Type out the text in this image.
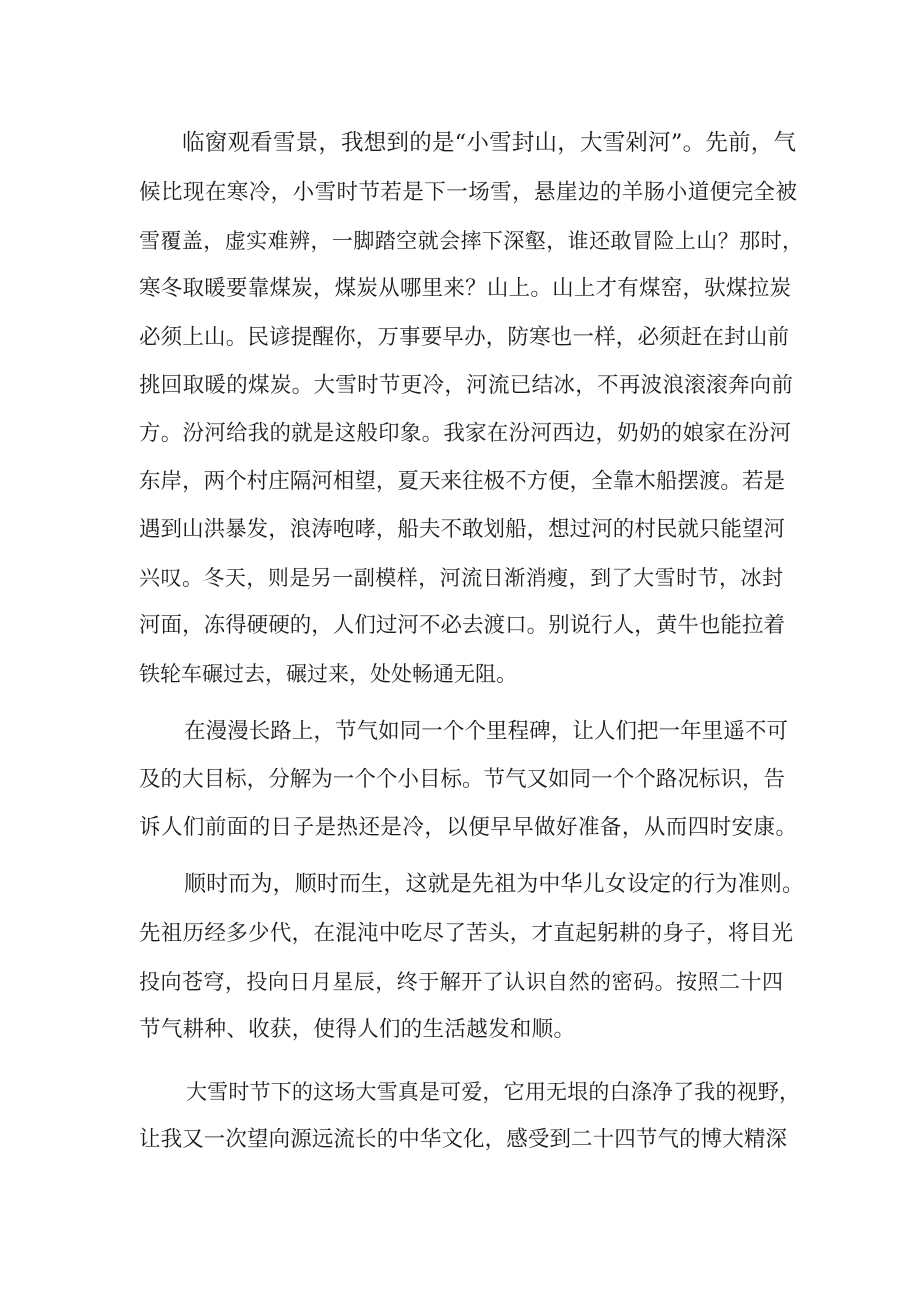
临窗观看雪景，我想到的是“小雪封山，大雪剁河”。先前，气
候比现在寒冷，小雪时节若是下一场雪，悬崖边的羊肠小道便完全被
雪覆盖，虚实难辨，一脚踏空就会摔下深壑，谁还敢冒险上山？那时，
寒冬取暖要靠煤炭，煤炭从哪里来？山上。山上才有煤窑，驮煤拉炭
必须上山。民谚提醒你，万事要早办，防寒也一样，必须赶在封山前
挑回取暖的煤炭。大雪时节更冷，河流已结冰，不再波浪滚滚奔向前
方。汾河给我的就是这般印象。我家在汾河西边，奶奶的娘家在汾河
东岸，两个村庄隔河相望，夏天来往极不方便，全靠木船摆渡。若是
遇到山洪暴发，浪涛咆哮，船夫不敢划船，想过河的村民就只能望河
兴叹。冬天，则是另一副模样，河流日渐消瘦，到了大雪时节，冰封
河面，冻得硬硬的，人们过河不必去渡口。别说行人，黄牛也能拉着
铁轮车碾过去，碾过来，处处畅通无阻。
在漫漫长路上，节气如同一个个里程碑，让人们把一年里遥不可
及的大目标，分解为一个个小目标。节气又如同一个个路况标识，告
诉人们前面的日子是热还是冷，以便早早做好准备，从而四时安康。
顺时而为，顺时而生，这就是先祖为中华儿女设定的行为准则。
先祖历经多少代，在混沌中吃尽了苦头，才直起躬耕的身子，将目光
投向苍穹，投向日月星辰，终于解开了认识自然的密码。按照二十四
节气耕种、收获，使得人们的生活越发和顺。
大雪时节下的这场大雪真是可爱，它用无垠的白涤净了我的视野，
让我又一次望向源远流长的中华文化，感受到二十四节气的博大精深
